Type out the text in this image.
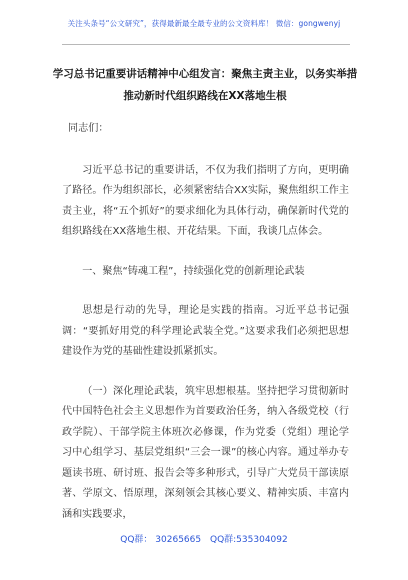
关注头条号“公文研究”，获得最新最全最专业的公文资料库！ 微信：gongwenyj
学习总书记重要讲话精神中心组发言：聚焦主责主业，以务实举措推动新时代组织路线在XX落地生根

同志们：

习近平总书记的重要讲话，不仅为我们指明了方向，更明确了路径。作为组织部长，必须紧密结合XX实际，聚焦组织工作主责主业，将“五个抓好”的要求细化为具体行动，确保新时代党的组织路线在XX落地生根、开花结果。下面，我谈几点体会。

一、聚焦“铸魂工程”，持续强化党的创新理论武装

思想是行动的先导，理论是实践的指南。习近平总书记强调：“要抓好用党的科学理论武装全党。”这要求我们必须把思想建设作为党的基础性建设抓紧抓实。

（一）深化理论武装，筑牢思想根基。坚持把学习贯彻新时代中国特色社会主义思想作为首要政治任务，纳入各级党校（行政学院）、干部学院主体班次必修课，作为党委（党组）理论学习中心组学习、基层党组织“三会一课”的核心内容。通过举办专题读书班、研讨班、报告会等多种形式，引导广大党员干部读原著、学原文、悟原理，深刻领会其核心要义、精神实质、丰富内涵和实践要求，

QQ群： 30265665 QQ群:535304092
